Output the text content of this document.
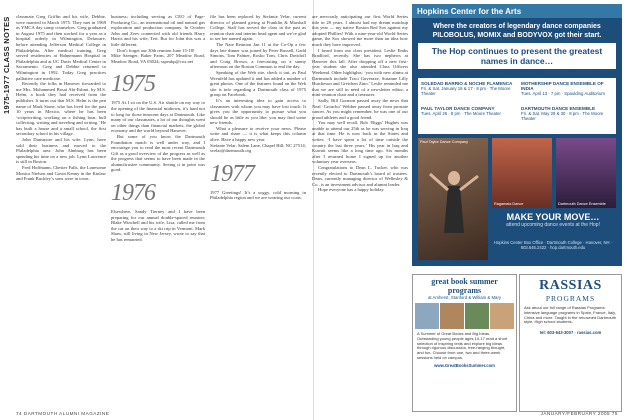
1975-1977 CLASS NOTES classmate Greg Griffin and his wife, Debbie, were married in March 1975. They met in 1969 as YMCA day camp counselors. Greg graduated in August 1975 and then worked for a year as a hospital orderly in Wilmington, Delaware, before attending Jefferson Medical College in Philadelphia. After medical training, Greg served residencies at Hahnemann Hospital in Philadelphia and at UC Davis Medical Center in Sacramento. Greg and Debbie returned to Wilmington in 1992. Today Greg practices palliative care medicine.

Recently the folks in Hanover forwarded to me Mrs. Mohammed Bosai Abi-Eshmi, by M.S. Helm, a book they had received from the publisher. It turns out that M.S. Helm is the pen name of Mark Stone, who has lived for the past 10 years in Mexico, where he has been ‘scriptwriting, working on a fishing boat, bull collecting, writing and traveling and writing.’ He has built a house and a small school, the first secondary school in his village.

John Dunsmore and his wife, Lynn, have sold their business and moved to the Philadelphia area. John Ahnburg has been spending his time on a new job. Lynn Lawrence is still in Boston.

Fred Hoffmann, Chester Falls, the Lonesome Monica Nielsen and Gavin Kenny in the Kinlaw and Frank Buckley’s sons were in town.

business; including serving as CEO of Page-Producing Co., an international oil and natural gas exploration and production company. In October John and Zeev connected with old friends Harry Harris and his wife, Teri. But for John this was a little different.

Don’t forget our 30th reunion June 15-18!

Mike Saenger, Baker Farm, 207 Meadow Road, Meadow Road, VA 03024; sspeakp@cox.net

1975

1975 As I sit on the U.S. Air shuttle on my way to the opening of the financial midtown, it’s hard not to long for those innocent days at Dartmouth. Like many of our classmates, a lot of our thoughts went on other things than financial markets, the global economy and the world beyond Hanover.

But some of you know the Dartmouth Foundation match is well under way, and I encourage you to read the most recent Dartmouth Gift as a good overview of the progress as well as the progress that seems to have been made in the alumni/trustee community. Seeing it in print was good.

1976

Elsewhere, Sandy Tierney and I have been preparing for our annual double-spaced reunion; Blake Winchell and his wife, Lisa, called me from the car on their way to a ski trip in Vermont. Mark Shaw, still living in New Jersey, wrote to say that he has remarried.

file has been replaced by Stefanie Velar, current director of planned giving at Franklin & Marshall College. Staff has served the class in the past as reunion chair and interim head agent and we’re glad to see her named again.

The Nate Reunion Jan 11 at the Co-Op a few days late dinner was joined by Peter Russell, Gadd Simons, Tom Palmer, Rosko Tom, Chris Davidoff and Craig Brown, a forecasting on a sunny afternoon on the Boston Common to end the day.

Speaking of the Web site, check it out, as Paul Wrenfeld has updated it and has added a number of great photos. One of the features found on the Web site is info regarding a Dartmouth class of 1975 group on Facebook.

It’s an interesting idea to gain access to classmates with whom you may have lost touch. It gives you the opportunity to pursue what you should be as little as you like; you may find some new friends.

What a pleasure to receive your news. Please write and share — it is what keeps this column alive. Have a happy new year.

Stefanie Velar, Salem Lane, Chapel Hill, NC 27514; svelar@dartmouth.org

1977

1977 Greetings! It’s a soggy, cold morning in Philadelphia region and we are wearing our coats.

are nervously anticipating our first World Series title in 28 years. I almost had my dream matchup this year — my native Boston Red Sox against my adopted Phillies! With a nine-year-old World Series game, the Sox showed me more than an idea how much they have improved.

I heard from our class president, Leslie Embs Bradford, recently. She has two nephews at Hanover this fall. After dropping off a new first-year student she also attended Class Officers Weekend. Other highlights: ‘you with new alums at Dartmouth include Traci Guveraxe, Susanne Lilly Hutcheson and Gretchen Zino.’ Leslie reminded me that we are still in need of a newsletter editor, a mini-reunion chair and a treasurer.

Sadly, Bill Gormon passed away the news that Neal ‘Groucho’ Webber passed away from prostate cancer. As you might remember, he was one of our proud athletes and a good friend.

You may well recall, Bob ‘Biggs’ Hughes was unable to attend our 25th as he was serving in Iraq at that time. He is now back in the States and writes: ‘I have spent a lot of time outside the country the last three years.’ His year in Iraq and Kuwait seems like a long time ago. Six months after I returned home I signed up for another voluntary year overseas.

Congratulations to Dean L. Tucker, who was recently elected to Dartmouth’s board of trustees. Dean, currently managing director of Wellesley & Co., is an investment advisor and alumni leader.

Hope everyone has a happy holiday.

Hopkins Center for the Arts
Where the creators of legendary dance companies PILOBOLUS, MOMIX and BODYVOX got their start.
The Hop continues to present the greatest names in dance…
SOLEDAD BARRIO & NOCHE FLAMENCA
Fri. & Sat. January 16 & 17 · 8 pm · The Moore Theater
MOTHERSHIP DANCE ENSEMBLE OF INDIA
Tues. April 13 · 7 pm · Spaulding Auditorium
PAUL TAYLOR DANCE COMPANY
Tues. April 26 · 8 pm · The Moore Theater
DARTMOUTH DANCE ENSEMBLE
Fri. & Sat. May 29 & 30 · 8 pm · The Moore Theater
Paul Taylor Dance Company
Ragamala Dance	Dartmouth Dance Ensemble
MAKE YOUR MOVE…
attend upcoming dance events at the Hop!
Hopkins Center Box Office · Dartmouth College · Hanover, NH · 603.646.2422 · hop.dartmouth.edu
great book summer programs
at Amherst, Stanford & William & Mary
A Summer of Great Books and Big Ideas. Outstanding young people ages 10-17 read a short selection of inspiring texts and explore big ideas through rigorous discussion, free-ranging thought, and fun. Choose from one, two and three-week sessions held on campus.
www.GreatBooksSummer.com
RASSIAS
PROGRAMS
Ask about our full range of Rassias Programs: intensive language programs in Spain, France, Italy, China and more. Taught in the renowned Dartmouth style. High school students.
tel: 603-643-3007 · rassias.com
74 DARTMOUTH ALUMNI MAGAZINE	JANUARY/FEBRUARY 2005 75
